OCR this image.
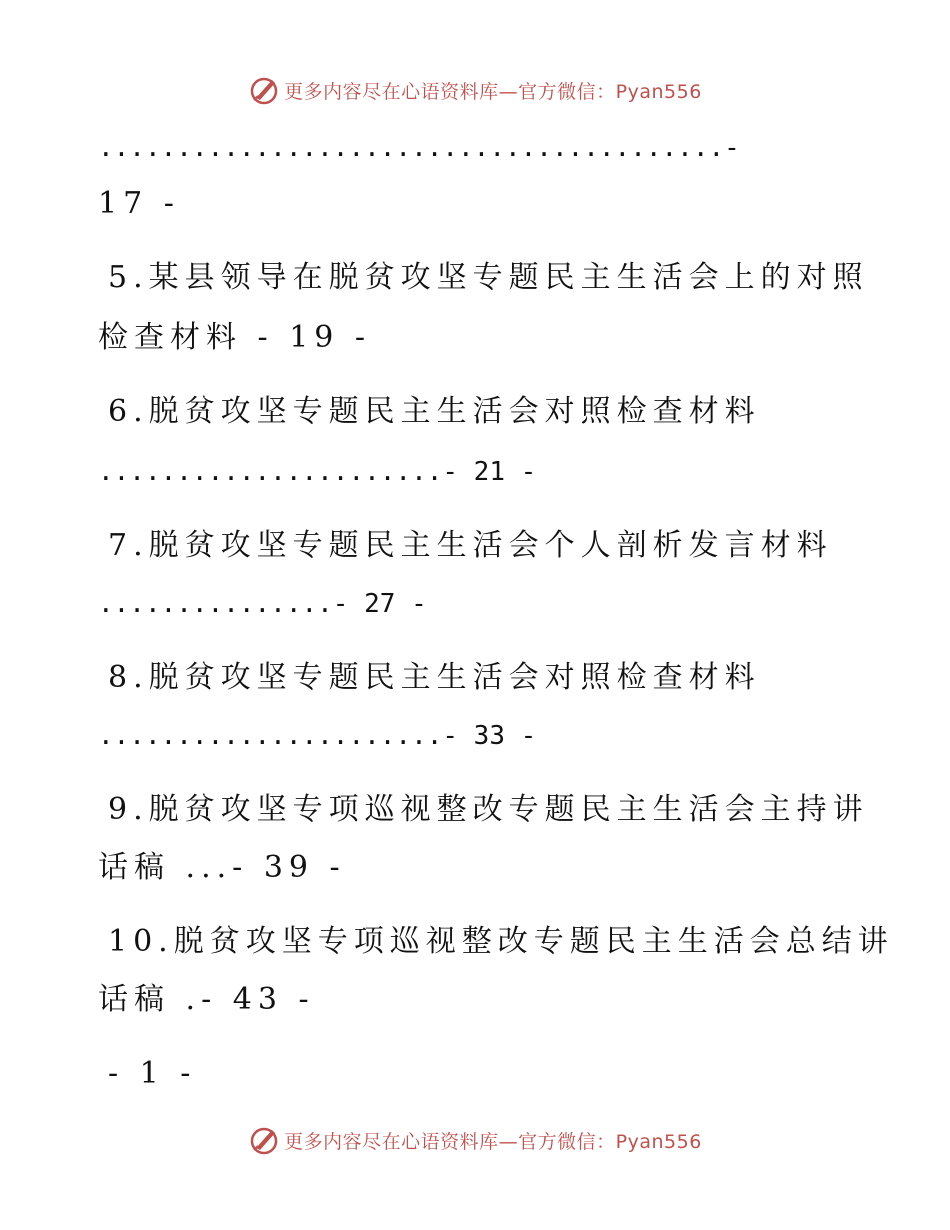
更多内容尽在心语资料库—官方微信：Pyan556
........................................-
17 -
5.某县领导在脱贫攻坚专题民主生活会上的对照
检查材料 - 19 -
6.脱贫攻坚专题民主生活会对照检查材料
......................- 21 -
7.脱贫攻坚专题民主生活会个人剖析发言材料
...............- 27 -
8.脱贫攻坚专题民主生活会对照检查材料
......................- 33 -
9.脱贫攻坚专项巡视整改专题民主生活会主持讲
话稿 ...- 39 -
10.脱贫攻坚专项巡视整改专题民主生活会总结讲
话稿 .- 43 -
- 1 -
更多内容尽在心语资料库—官方微信：Pyan556
